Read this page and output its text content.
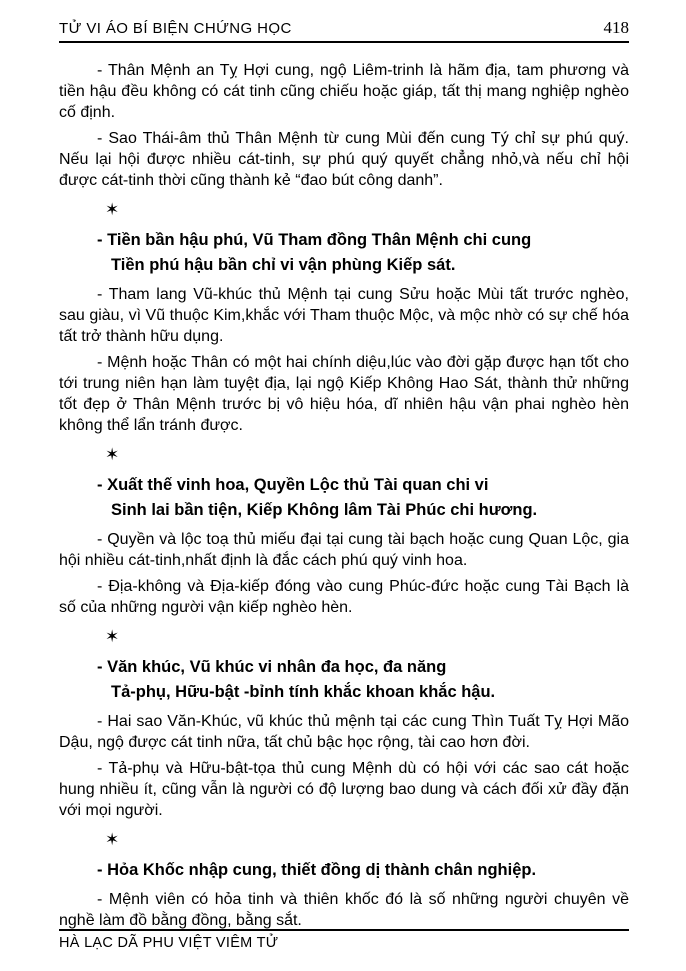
TỬ VI ÁO BÍ BIỆN CHỨNG HỌC	418

- Thân Mệnh an Tỵ Hợi cung, ngộ Liêm-trinh là hãm địa, tam phương và tiền hậu đều không có cát tinh cũng chiếu hoặc giáp, tất thị mang nghiệp nghèo cố định.

- Sao Thái-âm thủ Thân Mệnh từ cung Mùi đến cung Tý chỉ sự phú quý. Nếu lại hội được nhiều cát-tinh, sự phú quý quyết chẳng nhỏ,và nếu chỉ hội được cát-tinh thời cũng thành kẻ “đao bút công danh”.

✶
- Tiền bần hậu phú, Vũ Tham đồng Thân Mệnh chi cung
Tiền phú hậu bần chỉ vi vận phùng Kiếp sát.

- Tham lang Vũ-khúc thủ Mệnh tại cung Sửu hoặc Mùi tất trước nghèo, sau giàu, vì Vũ thuộc Kim,khắc với Tham thuộc Mộc, và mộc nhờ có sự chế hóa tất trở thành hữu dụng.

- Mệnh hoặc Thân có một hai chính diệu,lúc vào đời gặp được hạn tốt cho tới trung niên hạn làm tuyệt địa, lại ngộ Kiếp Không Hao Sát, thành thử những tốt đẹp ở Thân Mệnh trước bị vô hiệu hóa, dĩ nhiên hậu vận phai nghèo hèn không thể lẩn tránh được.

✶
- Xuất thế vinh hoa, Quyền Lộc thủ Tài quan chi vi
Sinh lai bần tiện, Kiếp Không lâm Tài Phúc chi hương.

- Quyền và lộc toạ thủ miếu đại tại cung tài bạch hoặc cung Quan Lộc, gia hội nhiều cát-tinh,nhất định là đắc cách phú quý vinh hoa.

- Địa-không và Địa-kiếp đóng vào cung Phúc-đức hoặc cung Tài Bạch là số của những người vận kiếp nghèo hèn.

✶
- Văn khúc, Vũ khúc vi nhân đa học, đa năng
Tả-phụ, Hữu-bật -bỉnh tính khắc khoan khắc hậu.

- Hai sao Văn-Khúc, vũ khúc thủ mệnh tại các cung Thìn Tuất Tỵ Hợi Mão Dậu, ngộ được cát tinh nữa, tất chủ bậc học rộng, tài cao hơn đời.

- Tả-phụ và Hữu-bật-tọa thủ cung Mệnh dù có hội với các sao cát hoặc hung nhiều ít, cũng vẫn là người có độ lượng bao dung và cách đối xử đầy đặn với mọi người.

✶
- Hỏa Khốc nhập cung, thiết đồng dị thành chân nghiệp.

- Mệnh viên có hỏa tinh và thiên khốc đó là số những người chuyên về nghề làm đồ bằng đồng, bằng sắt.

HÀ LẠC DÃ PHU VIỆT VIÊM TỬ
